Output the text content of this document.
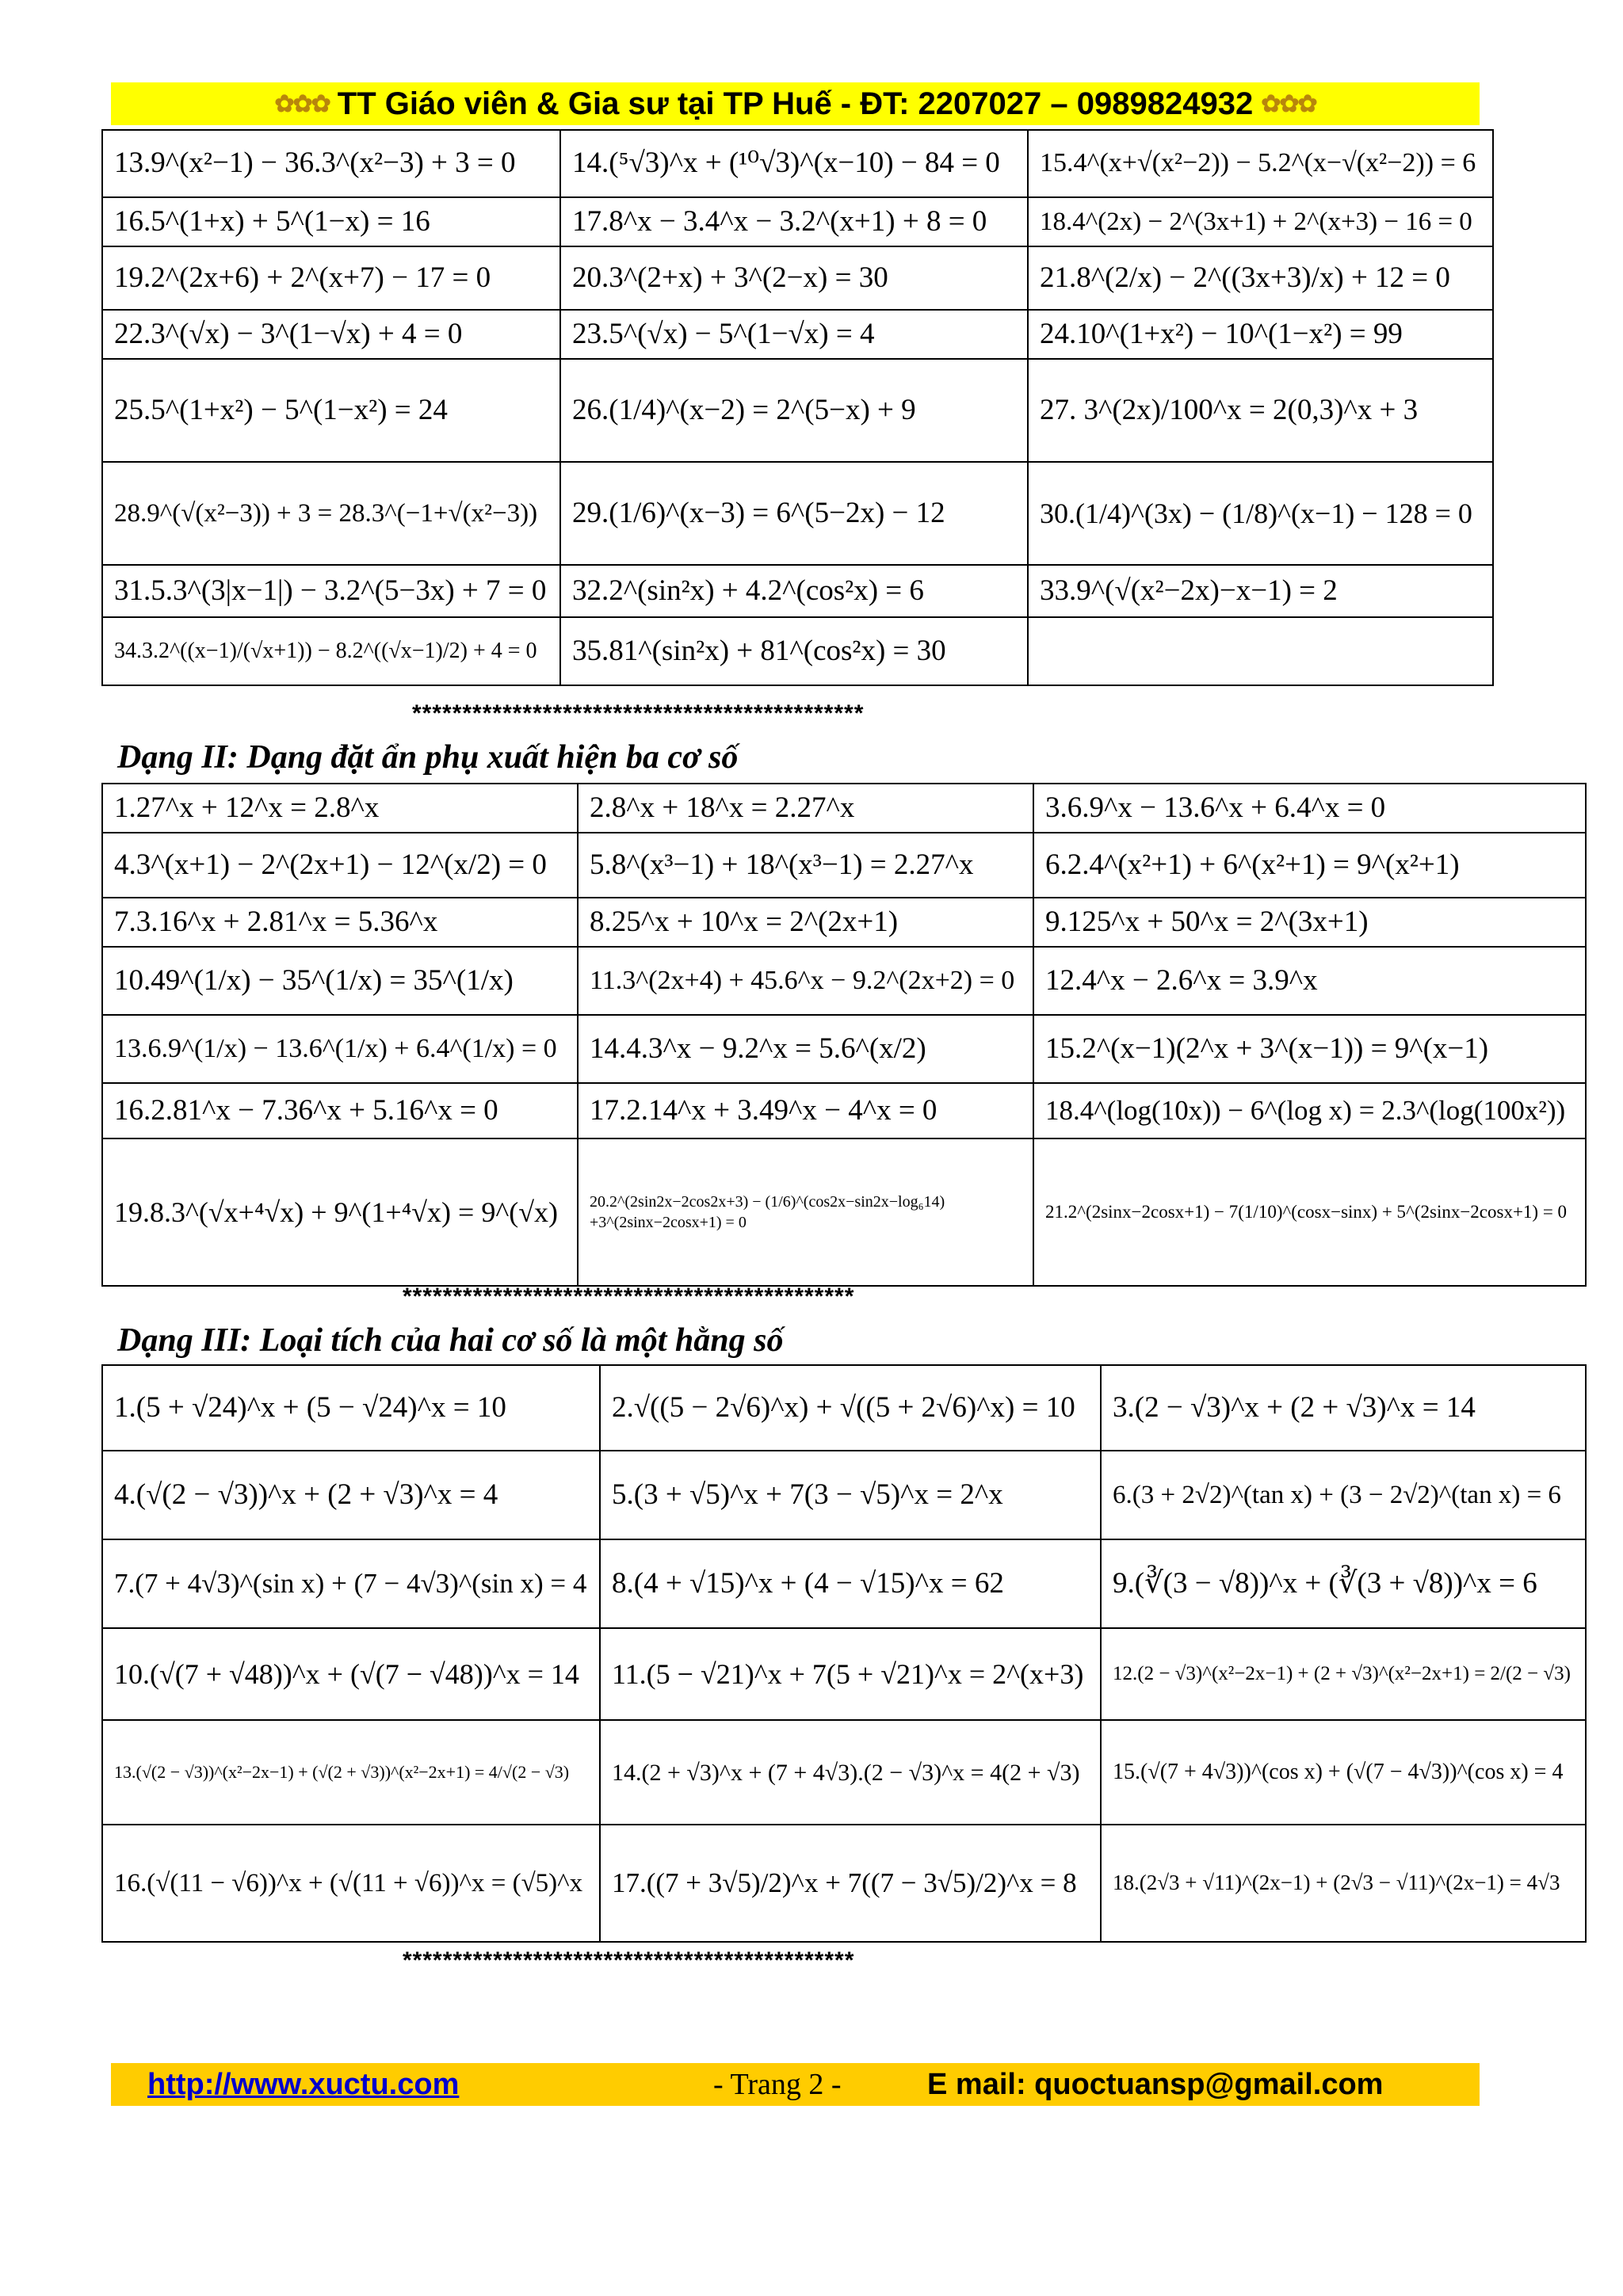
✿✿✿ TT Giáo viên & Gia sư tại TP Huế - ĐT: 2207027 – 0989824932 ✿✿✿
13.9^(x²−1) − 36.3^(x²−3) + 3 = 0	14.(⁵√3)^x + (¹⁰√3)^(x−10) − 84 = 0	15.4^(x+√(x²−2)) − 5.2^(x−√(x²−2)) = 6

16.5^(1+x) + 5^(1−x) = 16	17.8^x − 3.4^x − 3.2^(x+1) + 8 = 0	18.4^(2x) − 2^(3x+1) + 2^(x+3) − 16 = 0

19.2^(2x+6) + 2^(x+7) − 17 = 0	20.3^(2+x) + 3^(2−x) = 30	21.8^(2/x) − 2^((3x+3)/x) + 12 = 0

22.3^(√x) − 3^(1−√x) + 4 = 0	23.5^(√x) − 5^(1−√x) = 4	24.10^(1+x²) − 10^(1−x²) = 99

25.5^(1+x²) − 5^(1−x²) = 24	26.(1/4)^(x−2) = 2^(5−x) + 9	27. 3^(2x)/100^x = 2(0,3)^x + 3

28.9^(√(x²−3)) + 3 = 28.3^(−1+√(x²−3))	29.(1/6)^(x−3) = 6^(5−2x) − 12	30.(1/4)^(3x) − (1/8)^(x−1) − 128 = 0

31.5.3^(3|x−1|) − 3.2^(5−3x) + 7 = 0	32.2^(sin²x) + 4.2^(cos²x) = 6	33.9^(√(x²−2x)−x−1) = 2

34.3.2^((x−1)/(√x+1)) − 8.2^((√x−1)/2) + 4 = 0	35.81^(sin²x) + 81^(cos²x) = 30	

*********************************************
Dạng II: Dạng đặt ẩn phụ xuất hiện ba cơ số
1.27^x + 12^x = 2.8^x	2.8^x + 18^x = 2.27^x	3.6.9^x − 13.6^x + 6.4^x = 0

4.3^(x+1) − 2^(2x+1) − 12^(x/2) = 0	5.8^(x³−1) + 18^(x³−1) = 2.27^x	6.2.4^(x²+1) + 6^(x²+1) = 9^(x²+1)

7.3.16^x + 2.81^x = 5.36^x	8.25^x + 10^x = 2^(2x+1)	9.125^x + 50^x = 2^(3x+1)

10.49^(1/x) − 35^(1/x) = 35^(1/x)	11.3^(2x+4) + 45.6^x − 9.2^(2x+2) = 0	12.4^x − 2.6^x = 3.9^x

13.6.9^(1/x) − 13.6^(1/x) + 6.4^(1/x) = 0	14.4.3^x − 9.2^x = 5.6^(x/2)	15.2^(x−1)(2^x + 3^(x−1)) = 9^(x−1)

16.2.81^x − 7.36^x + 5.16^x = 0	17.2.14^x + 3.49^x − 4^x = 0	18.4^(log(10x)) − 6^(log x) = 2.3^(log(100x²))

19.8.3^(√x+⁴√x) + 9^(1+⁴√x) = 9^(√x)	20.2^(2sin2x−2cos2x+3) − (1/6)^(cos2x−sin2x−log₆14) +3^(2sinx−2cosx+1) = 0	21.2^(2sinx−2cosx+1) − 7(1/10)^(cosx−sinx) + 5^(2sinx−2cosx+1) = 0
*********************************************
Dạng III: Loại tích của hai cơ số là một hằng số
1.(5 + √24)^x + (5 − √24)^x = 10	2.√((5 − 2√6)^x) + √((5 + 2√6)^x) = 10	3.(2 − √3)^x + (2 + √3)^x = 14

4.(√(2 − √3))^x + (2 + √3)^x = 4	5.(3 + √5)^x + 7(3 − √5)^x = 2^x	6.(3 + 2√2)^(tan x) + (3 − 2√2)^(tan x) = 6

7.(7 + 4√3)^(sin x) + (7 − 4√3)^(sin x) = 4	8.(4 + √15)^x + (4 − √15)^x = 62	9.(∛(3 − √8))^x + (∛(3 + √8))^x = 6

10.(√(7 + √48))^x + (√(7 − √48))^x = 14	11.(5 − √21)^x + 7(5 + √21)^x = 2^(x+3)	12.(2 − √3)^(x²−2x−1) + (2 + √3)^(x²−2x+1) = 2/(2 − √3)

13.(√(2 − √3))^(x²−2x−1) + (√(2 + √3))^(x²−2x+1) = 4/√(2 − √3)	14.(2 + √3)^x + (7 + 4√3).(2 − √3)^x = 4(2 + √3)	15.(√(7 + 4√3))^(cos x) + (√(7 − 4√3))^(cos x) = 4

16.(√(11 − √6))^x + (√(11 + √6))^x = (√5)^x	17.((7 + 3√5)/2)^x + 7((7 − 3√5)/2)^x = 8	18.(2√3 + √11)^(2x−1) + (2√3 − √11)^(2x−1) = 4√3
*********************************************
http://www.xuctu.com	- Trang 2 -	E mail: quoctuansp@gmail.com
